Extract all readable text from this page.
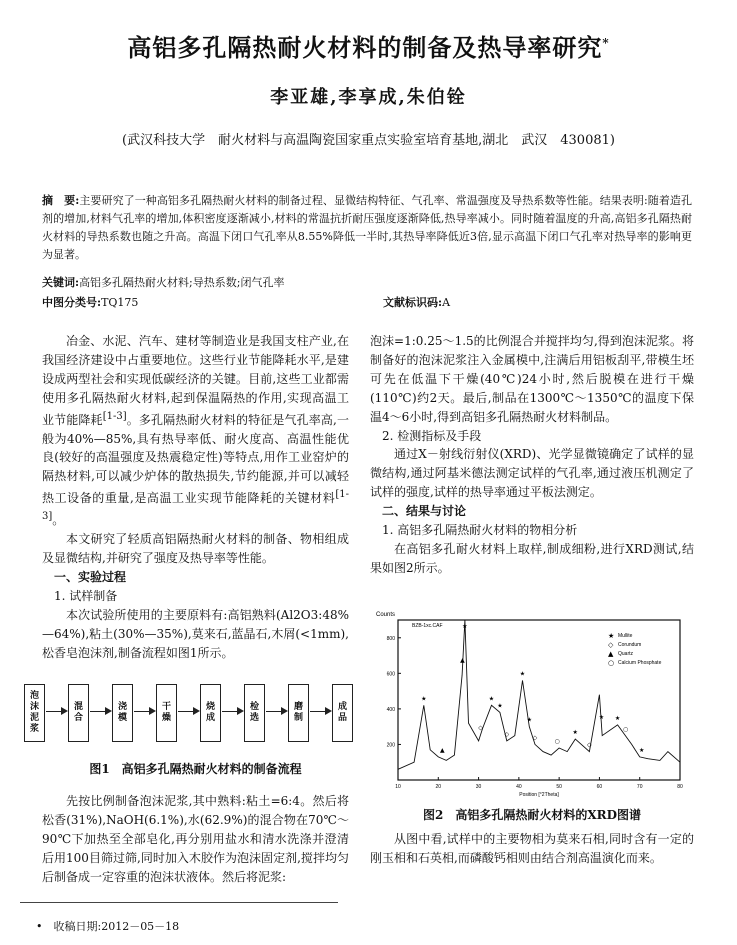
高铝多孔隔热耐火材料的制备及热导率研究*
李亚雄,李享成,朱伯铨
(武汉科技大学　耐火材料与高温陶瓷国家重点实验室培育基地,湖北　武汉　430081)
摘　要:主要研究了一种高铝多孔隔热耐火材料的制备过程、显微结构特征、气孔率、常温强度及导热系数等性能。结果表明:随着造孔剂的增加,材料气孔率的增加,体积密度逐渐减小,材料的常温抗折耐压强度逐渐降低,热导率减小。同时随着温度的升高,高铝多孔隔热耐火材料的导热系数也随之升高。高温下闭口气孔率从8.55%降低一半时,其热导率降低近3倍,显示高温下闭口气孔率对热导率的影响更为显著。
关键词:高铝多孔隔热耐火材料;导热系数;闭气孔率
中图分类号:TQ175	文献标识码:A

冶金、水泥、汽车、建材等制造业是我国支柱产业,在我国经济建设中占重要地位。这些行业节能降耗水平,是建设成两型社会和实现低碳经济的关键。目前,这些工业都需使用多孔隔热耐火材料,起到保温隔热的作用,实现高温工业节能降耗[1-3]。多孔隔热耐火材料的特征是气孔率高,一般为40%—85%,具有热导率低、耐火度高、高温性能优良(较好的高温强度及热震稳定性)等特点,用作工业窑炉的隔热材料,可以减少炉体的散热损失,节约能源,并可以减轻热工设备的重量,是高温工业实现节能降耗的关键材料[1-3]。

本文研究了轻质高铝隔热耐火材料的制备、物相组成及显微结构,并研究了强度及热导率等性能。

一、实验过程

1. 试样制备

本次试验所使用的主要原料有:高铝熟料(Al2O3:48%—64%),粘土(30%—35%),莫来石,蓝晶石,木屑(<1mm),松香皂泡沫剂,制备流程如图1所示。

泡沫泥浆
混合
浇模
干燥
烧成
检选
磨制
成品
图1　高铝多孔隔热耐火材料的制备流程

先按比例制备泡沫泥浆,其中熟料:粘土=6:4。然后将松香(31%),NaOH(6.1%),水(62.9%)的混合物在70℃～90℃下加热至全部皂化,再分别用盐水和清水洗涤并澄清后用100目筛过筛,同时加入木胶作为泡沫固定剂,搅拌均匀后制备成一定容重的泡沫状液体。然后将泥浆:

泡沫=1:0.25～1.5的比例混合并搅拌均匀,得到泡沫泥浆。将制备好的泡沫泥浆注入金属模中,注满后用铝板刮平,带模生坯可先在低温下干燥(40℃)24小时,然后脱模在进行干燥(110℃)约2天。最后,制品在1300℃～1350℃的温度下保温4～6小时,得到高铝多孔隔热耐火材料制品。

2. 检测指标及手段

通过X－射线衍射仪(XRD)、光学显微镜确定了试样的显微结构,通过阿基米德法测定试样的气孔率,通过液压机测定了试样的强度,试样的热导率通过平板法测定。

二、结果与讨论

1. 高铝多孔隔热耐火材料的物相分析

在高铝多孔耐火材料上取样,制成细粉,进行XRD测试,结果如图2所示。

Counts
BZB-1xc.CAF
800
600
400
200
10	20	30	40	50	60	70	80
★
★
◇
★
★
◇
★
★
◇
★
◇
★ ★
○
★
▲
▲
○
★ Mullite
◇ Corundum
▲ Quartz
○ Calcium Phosphate
Position [°2Theta]
图2　高铝多孔隔热耐火材料的XRD图谱

从图中看,试样中的主要物相为莫来石相,同时含有一定的刚玉相和石英相,而磷酸钙相则由结合剂高温演化而来。

•　收稿日期:2012－05－18
